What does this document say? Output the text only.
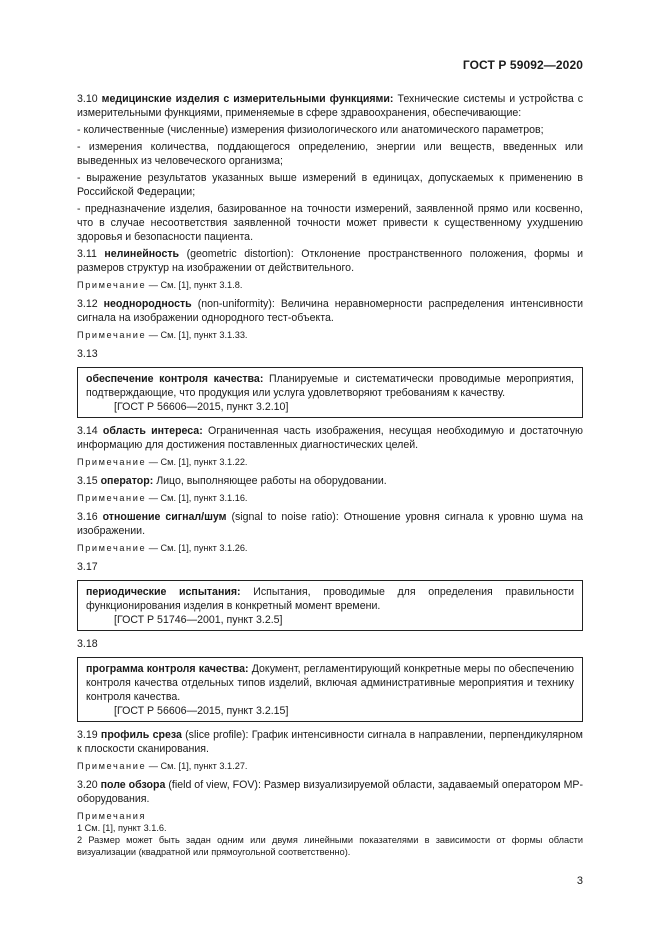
ГОСТ Р 59092—2020

3.10 медицинские изделия с измерительными функциями: Технические системы и устройства с измерительными функциями, применяемые в сфере здравоохранения, обеспечивающие:

- количественные (численные) измерения физиологического или анатомического параметров;

- измерения количества, поддающегося определению, энергии или веществ, введенных или выведенных из человеческого организма;

- выражение результатов указанных выше измерений в единицах, допускаемых к применению в Российской Федерации;

- предназначение изделия, базированное на точности измерений, заявленной прямо или косвенно, что в случае несоответствия заявленной точности может привести к существенному ухудшению здоровья и безопасности пациента.

3.11 нелинейность (geometric distortion): Отклонение пространственного положения, формы и размеров структур на изображении от действительного.

Примечание — См. [1], пункт 3.1.8.

3.12 неоднородность (non-uniformity): Величина неравномерности распределения интенсивности сигнала на изображении однородного тест-объекта.

Примечание — См. [1], пункт 3.1.33.

3.13

обеспечение контроля качества: Планируемые и систематически проводимые мероприятия, подтверждающие, что продукция или услуга удовлетворяют требованиям к качеству.
[ГОСТ Р 56606—2015, пункт 3.2.10]

3.14 область интереса: Ограниченная часть изображения, несущая необходимую и достаточную информацию для достижения поставленных диагностических целей.

Примечание — См. [1], пункт 3.1.22.

3.15 оператор: Лицо, выполняющее работы на оборудовании.

Примечание — См. [1], пункт 3.1.16.

3.16 отношение сигнал/шум (signal to noise ratio): Отношение уровня сигнала к уровню шума на изображении.

Примечание — См. [1], пункт 3.1.26.

3.17

периодические испытания: Испытания, проводимые для определения правильности функционирования изделия в конкретный момент времени.
[ГОСТ Р 51746—2001, пункт 3.2.5]

3.18

программа контроля качества: Документ, регламентирующий конкретные меры по обеспечению контроля качества отдельных типов изделий, включая административные мероприятия и технику контроля качества.
[ГОСТ Р 56606—2015, пункт 3.2.15]

3.19 профиль среза (slice profile): График интенсивности сигнала в направлении, перпендикулярном к плоскости сканирования.

Примечание — См. [1], пункт 3.1.27.

3.20 поле обзора (field of view, FOV): Размер визуализируемой области, задаваемый оператором МР-оборудования.

Примечания
1 См. [1], пункт 3.1.6.
2 Размер может быть задан одним или двумя линейными показателями в зависимости от формы области визуализации (квадратной или прямоугольной соответственно).
3
